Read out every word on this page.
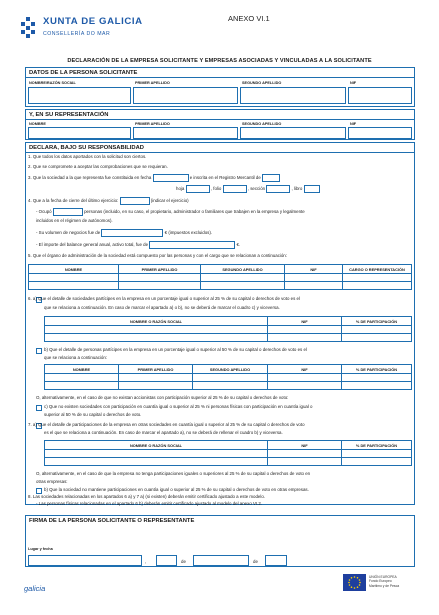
XUNTA DE GALICIA
CONSELLERÍA DO MAR
ANEXO VI.1
DECLARACIÓN DE LA EMPRESA SOLICITANTE Y EMPRESAS ASOCIADAS Y VINCULADAS A LA SOLICITANTE
DATOS DE LA PERSONA SOLICITANTE
NOMBRE/RAZÓN SOCIAL	PRIMER APELLIDO	SEGUNDO APELLIDO	NIF
Y, EN SU REPRESENTACIÓN
NOMBRE	PRIMER APELLIDO	SEGUNDO APELLIDO	NIF
DECLARA, BAJO SU RESPONSABILIDAD
1. Que todos los datos aportados con la solicitud son ciertos.
2. Que se compromete a aceptar las comprobaciones que se requieran.
3. Que la sociedad a la que representa fue constituida en fecha	e inscrita en el Registro Mercantil de
hoja	, folio	, sección	, libro
4. Que a la fecha de cierre del último ejercicio:	(indicar el ejercicio)
- Ocupó	personas (incluido, en su caso, el propietario, administrador o familiares que trabajen en la empresa y legalmente
incluidos en el régimen de autónomos).
- Su volumen de negocios fue de	€ (impuestos excluidos).
- El importe del balance general anual, activo total, fue de	€.
5. Que el órgano de administración de la sociedad está compuesto por las personas y con el cargo que se relacionan a continuación:
NOMBRE	PRIMER APELLIDO	SEGUNDO APELLIDO	NIF	CARGO O REPRESENTACIÓN

6. a) Que el detalle de sociedades partícipes en la empresa en un porcentaje igual o superior al 25 % de su capital o derechos de voto es el
que se relaciona a continuación. En caso de marcar el apartado a) o b), no se deberá de marcar el cuadro c) y viceversa.
NOMBRE O RAZÓN SOCIAL	NIF	% DE PARTICIPACIÓN

b) Que el detalle de personas partícipes en la empresa en un porcentaje igual o superior al 50 % de su capital o derechos de voto es el
que se relaciona a continuación:
NOMBRE	PRIMER APELLIDO	SEGUNDO APELLIDO	NIF	% DE PARTICIPACIÓN

O, alternativamente, en el caso de que no existan accionistas con participación superior al 25 % de su capital o derechos de voto:
c) Que no existen sociedades con participación en cuantía igual o superior al 25 % ni personas físicas con participación en cuantía igual o
superior al 50 % de su capital o derechos de voto.
7. a) Que el detalle de participaciones de la empresa en otras sociedades en cuantía igual o superior al 25 % de su capital o derechos de voto
es el que se relaciona a continuación. En caso de marcar el apartado a), no se deberá de rellenar el cuadro b) y viceversa.
NOMBRE O RAZÓN SOCIAL	NIF	% DE PARTICIPACIÓN

O, alternativamente, en el caso de que la empresa no tenga participaciones iguales o superiores al 25 % de su capital o derechos de voto en
otras empresas:
b) Que la sociedad no mantiene participaciones en cuantía igual o superior al 25 % de su capital o derechos de voto en otras empresas.
8. Las sociedades relacionadas en los apartados 6 a) y 7 a) (si existen) deberán emitir certificado ajustado a este modelo.
- Las personas físicas relacionadas en el apartado 6 b) deberán emitir certificado ajustado al modelo del anexo VI.2.
FIRMA DE LA PERSONA SOLICITANTE O REPRESENTANTE
Lugar y fecha
,	de	de
galicia
UNIÓN EUROPEA
Fondo Europeo
Marítimo y de Pesca
